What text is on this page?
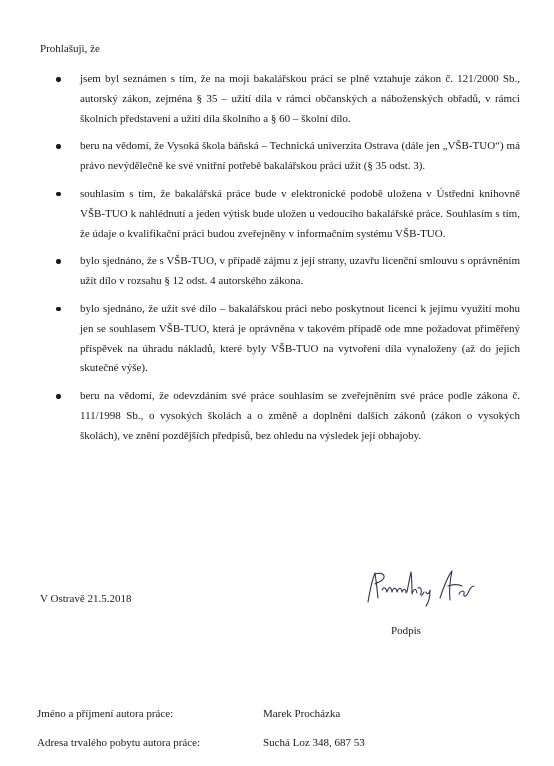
Prohlašuji, že
jsem byl seznámen s tím, že na moji bakalářskou práci se plně vztahuje zákon č. 121/2000 Sb., autorský zákon, zejména § 35 – užití díla v rámci občanských a náboženských obřadů, v rámci školních představení a užití díla školního a § 60 – školní dílo.
beru na vědomí, že Vysoká škola báňská – Technická univerzita Ostrava (dále jen „VŠB-TUO“) má právo nevýdělečně ke své vnitřní potřebě bakalářskou práci užít (§ 35 odst. 3).
souhlasím s tím, že bakalářská práce bude v elektronické podobě uložena v Ústřední knihovně VŠB-TUO k nahlédnutí a jeden výtisk bude uložen u vedoucího bakalářské práce. Souhlasím s tím, že údaje o kvalifikační práci budou zveřejněny v informačním systému VŠB-TUO.
bylo sjednáno, že s VŠB-TUO, v případě zájmu z její strany, uzavřu licenční smlouvu s oprávněním užít dílo v rozsahu § 12 odst. 4 autorského zákona.
bylo sjednáno, že užít své dílo – bakalářskou práci nebo poskytnout licenci k jejímu využití mohu jen se souhlasem VŠB-TUO, která je oprávněna v takovém případě ode mne požadovat přiměřený příspěvek na úhradu nákladů, které byly VŠB-TUO na vytvoření díla vynaloženy (až do jejich skutečné výše).
beru na vědomí, že odevzdáním své práce souhlasím se zveřejněním své práce podle zákona č. 111/1998 Sb., o vysokých školách a o změně a doplnění dalších zákonů (zákon o vysokých školách), ve znění pozdějších předpisů, bez ohledu na výsledek její obhajoby.
V Ostravě 21.5.2018
Podpis
Jméno a příjmení autora práce:	Marek Procházka
Adresa trvalého pobytu autora práce:	Suchá Loz 348, 687 53
